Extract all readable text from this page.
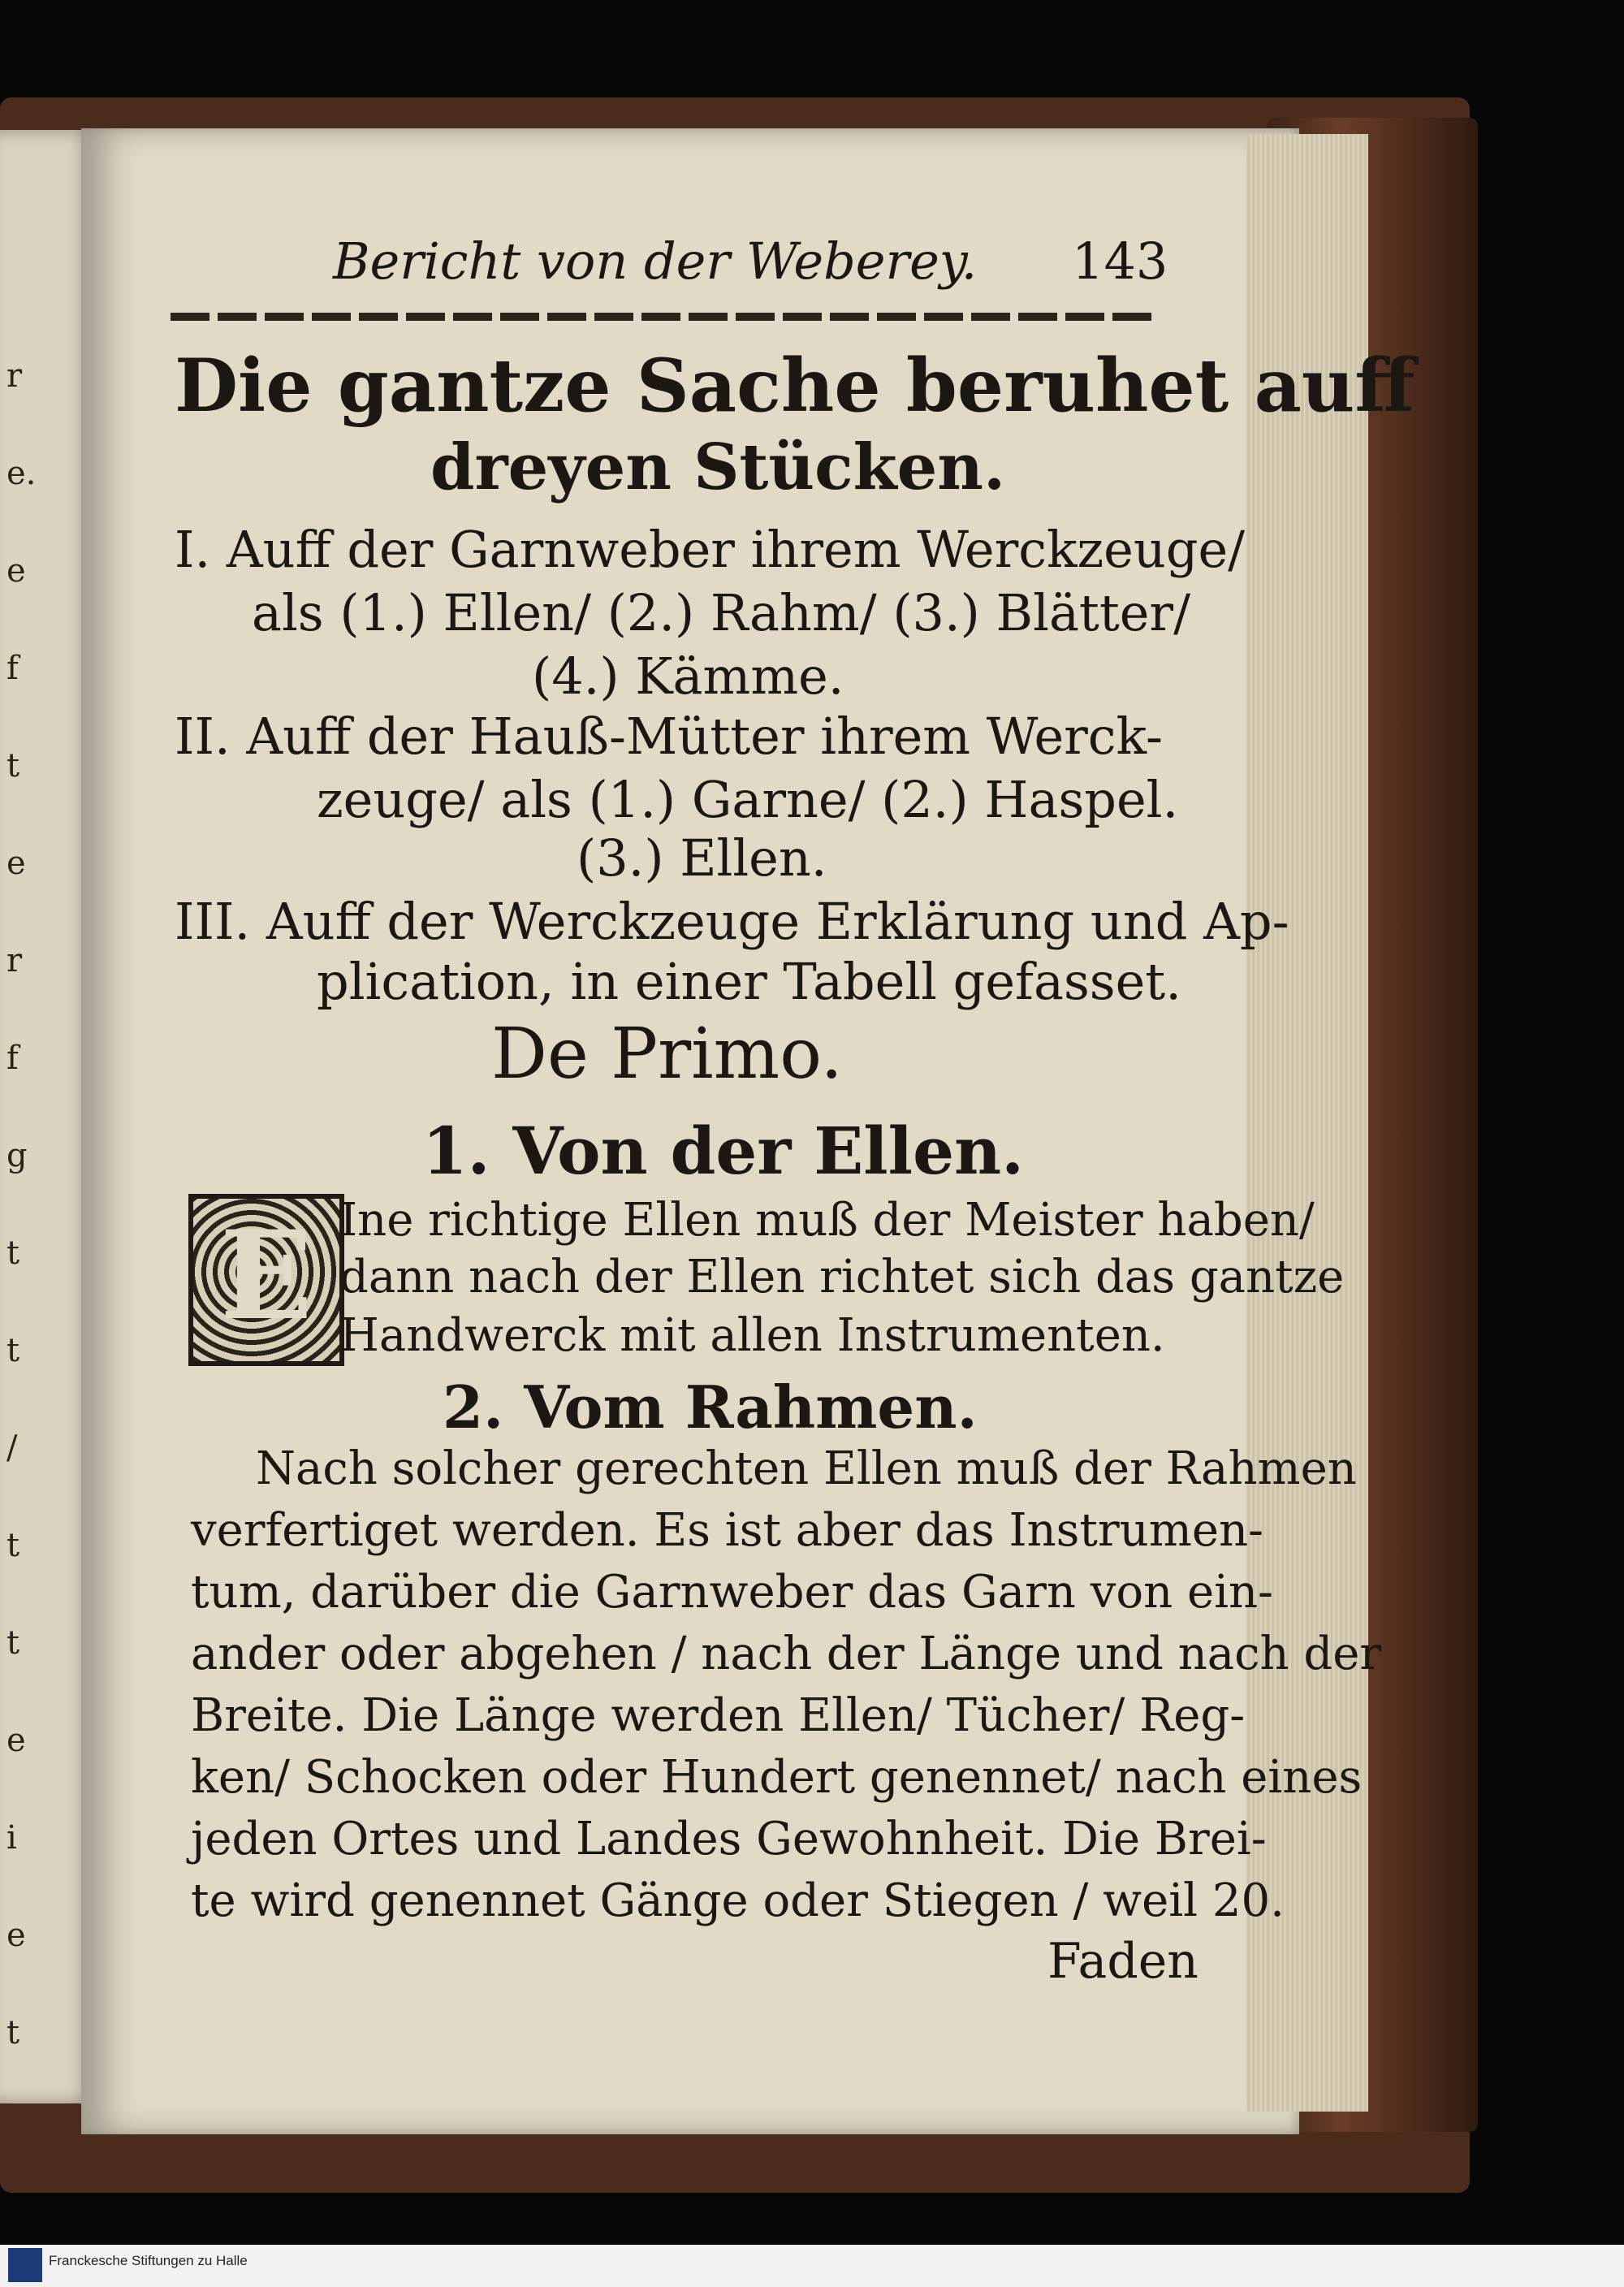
r
e.
e
f
t
e
r
f
g
t
t
/
t
t
e
i
e
t
Bericht von der Weberey. 143
Die gantze Sache beruhet auff
dreyen Stücken.
I. Auff der Garnweber ihrem Werckzeuge/
als (1.) Ellen/ (2.) Rahm/ (3.) Blätter/
(4.) Kämme.
II. Auff der Hauß-Mütter ihrem Werck-
zeuge/ als (1.) Garne/ (2.) Haspel.
(3.) Ellen.
III. Auff der Werckzeuge Erklärung und Ap-
plication, in einer Tabell gefasset.
De Primo.
1. Von der Ellen.
E Ine richtige Ellen muß der Meister haben/
dann nach der Ellen richtet sich das gantze
Handwerck mit allen Instrumenten.
2. Vom Rahmen.
Nach solcher gerechten Ellen muß der Rahmen
verfertiget werden. Es ist aber das Instrumen-
tum, darüber die Garnweber das Garn von ein-
ander oder abgehen / nach der Länge und nach der
Breite. Die Länge werden Ellen/ Tücher/ Reg-
ken/ Schocken oder Hundert genennet/ nach eines
jeden Ortes und Landes Gewohnheit. Die Brei-
te wird genennet Gänge oder Stiegen / weil 20.
Faden
Franckesche Stiftungen zu Halle
